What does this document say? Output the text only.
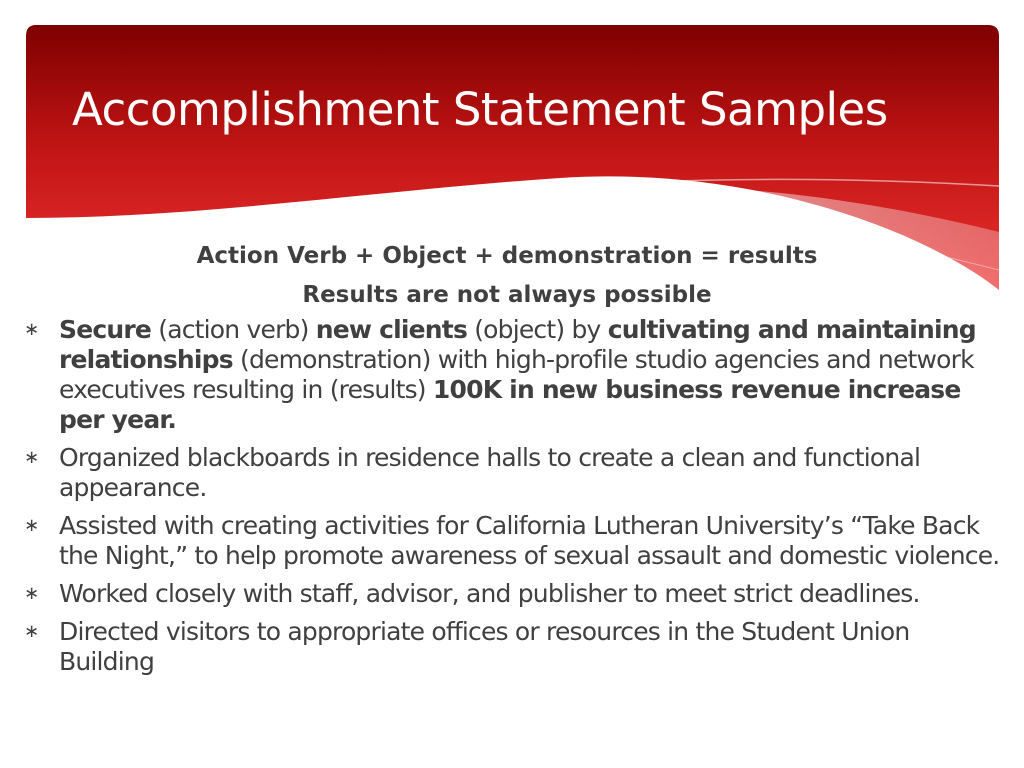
Accomplishment Statement Samples
Action Verb + Object + demonstration = results
Results are not always possible
∗ Secure (action verb) new clients (object) by cultivating and maintaining relationships (demonstration) with high-profile studio agencies and network executives resulting in (results) 100K in new business revenue increase per year.
∗ Organized blackboards in residence halls to create a clean and functional appearance.
∗ Assisted with creating activities for California Lutheran University’s “Take Back the Night,” to help promote awareness of sexual assault and domestic violence.
∗ Worked closely with staff, advisor, and publisher to meet strict deadlines.
∗ Directed visitors to appropriate offices or resources in the Student Union Building
